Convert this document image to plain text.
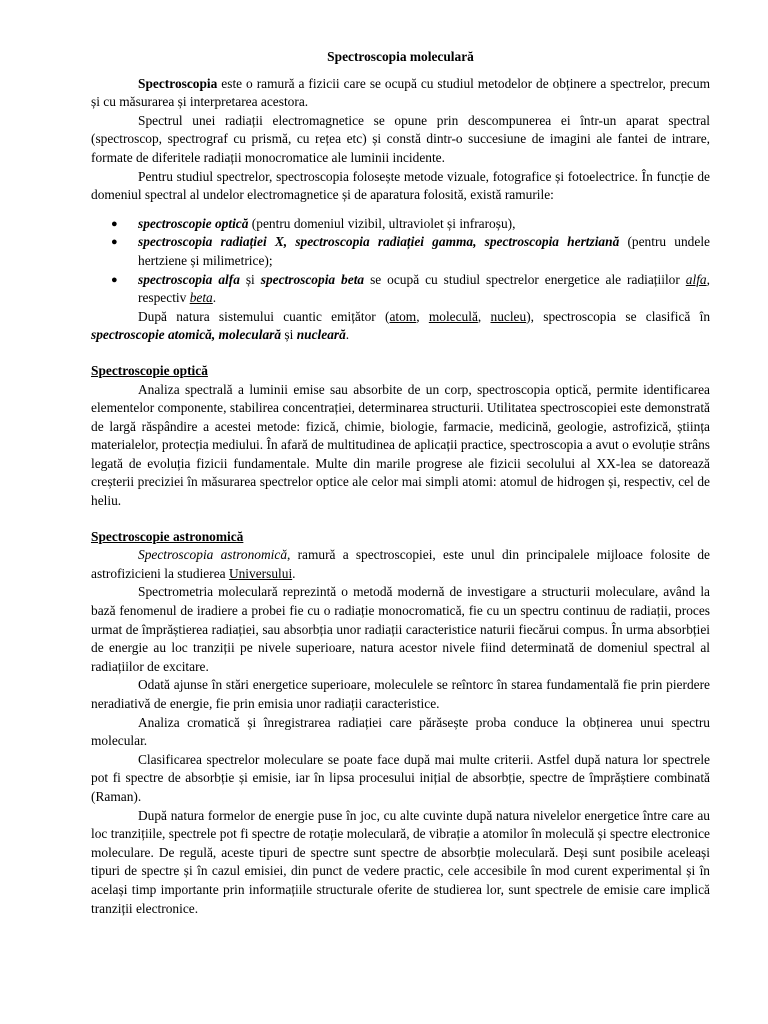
Spectroscopia moleculară

Spectroscopia este o ramură a fizicii care se ocupă cu studiul metodelor de obținere a spectrelor, precum și cu măsurarea și interpretarea acestora.

Spectrul unei radiații electromagnetice se opune prin descompunerea ei într-un aparat spectral (spectroscop, spectrograf cu prismă, cu rețea etc) și constă dintr-o succesiune de imagini ale fantei de intrare, formate de diferitele radiații monocromatice ale luminii incidente.

Pentru studiul spectrelor, spectroscopia folosește metode vizuale, fotografice și fotoelectrice. În funcție de domeniul spectral al undelor electromagnetice și de aparatura folosită, există ramurile:

● spectroscopie optică (pentru domeniul vizibil, ultraviolet și infraroșu),
● spectroscopia radiației X, spectroscopia radiației gamma, spectroscopia hertziană (pentru undele hertziene și milimetrice);
● spectroscopia alfa și spectroscopia beta se ocupă cu studiul spectrelor energetice ale radiațiilor alfa, respectiv beta.

După natura sistemului cuantic emițător (atom, moleculă, nucleu), spectroscopia se clasifică în spectroscopie atomică, moleculară și nucleară.

Spectroscopie optică

Analiza spectrală a luminii emise sau absorbite de un corp, spectroscopia optică, permite identificarea elementelor componente, stabilirea concentrației, determinarea structurii. Utilitatea spectroscopiei este demonstrată de largă răspândire a acestei metode: fizică, chimie, biologie, farmacie, medicină, geologie, astrofizică, știința materialelor, protecția mediului. În afară de multitudinea de aplicații practice, spectroscopia a avut o evoluție strâns legată de evoluția fizicii fundamentale. Multe din marile progrese ale fizicii secolului al XX-lea se datorează creșterii preciziei în măsurarea spectrelor optice ale celor mai simpli atomi: atomul de hidrogen și, respectiv, cel de heliu.

Spectroscopie astronomică

Spectroscopia astronomică, ramură a spectroscopiei, este unul din principalele mijloace folosite de astrofizicieni la studierea Universului.

Spectrometria moleculară reprezintă o metodă modernă de investigare a structurii moleculare, având la bază fenomenul de iradiere a probei fie cu o radiație monocromatică, fie cu un spectru continuu de radiații, proces urmat de împrăștierea radiației, sau absorbția unor radiații caracteristice naturii fiecărui compus. În urma absorbției de energie au loc tranziții pe nivele superioare, natura acestor nivele fiind determinată de domeniul spectral al radiațiilor de excitare.

Odată ajunse în stări energetice superioare, moleculele se reîntorc în starea fundamentală fie prin pierdere neradiativă de energie, fie prin emisia unor radiații caracteristice.

Analiza cromatică și înregistrarea radiației care părăsește proba conduce la obținerea unui spectru molecular.

Clasificarea spectrelor moleculare se poate face după mai multe criterii. Astfel după natura lor spectrele pot fi spectre de absorbție și emisie, iar în lipsa procesului inițial de absorbție, spectre de împrăștiere combinată (Raman).

După natura formelor de energie puse în joc, cu alte cuvinte după natura nivelelor energetice între care au loc tranzițiile, spectrele pot fi spectre de rotație moleculară, de vibrație a atomilor în moleculă și spectre electronice moleculare. De regulă, aceste tipuri de spectre sunt spectre de absorbție moleculară. Deși sunt posibile aceleași tipuri de spectre și în cazul emisiei, din punct de vedere practic, cele accesibile în mod curent experimental și în același timp importante prin informațiile structurale oferite de studierea lor, sunt spectrele de emisie care implică tranziții electronice.
